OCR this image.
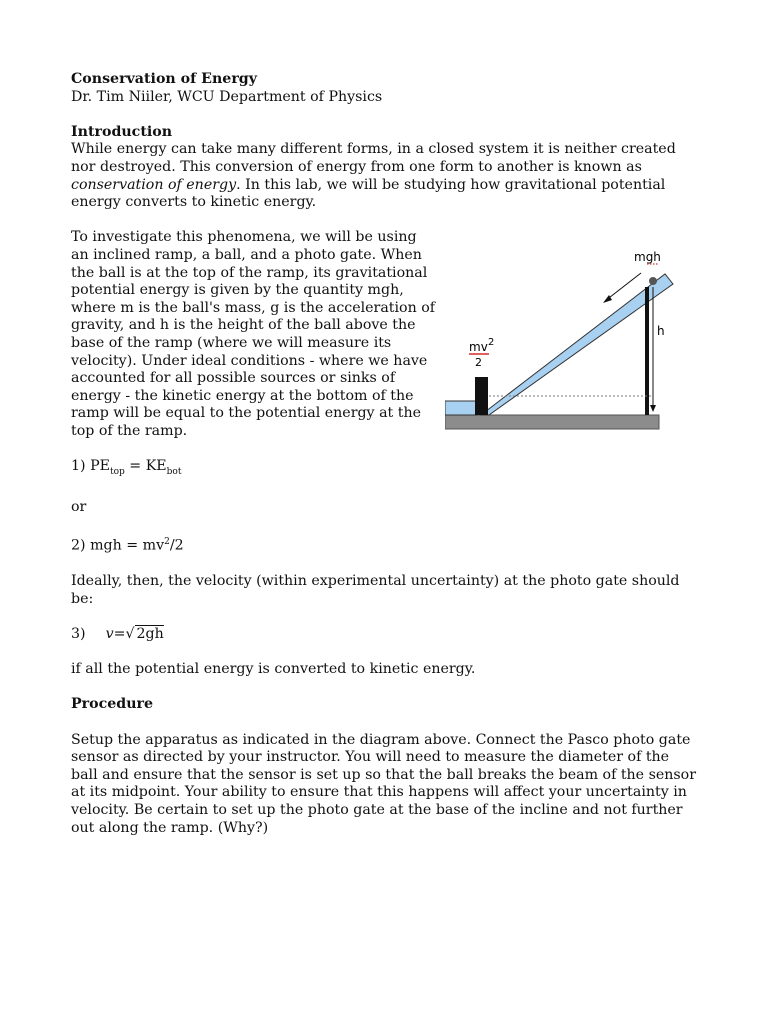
Conservation of Energy

Dr. Tim Niiler, WCU Department of Physics

Introduction

While energy can take many different forms, in a closed system it is neither created nor destroyed. This conversion of energy from one form to another is known as conservation of energy. In this lab, we will be studying how gravitational potential energy converts to kinetic energy.

To investigate this phenomena, we will be using an inclined ramp, a ball, and a photo gate. When the ball is at the top of the ramp, its gravitational potential energy is given by the quantity mgh, where m is the ball's mass, g is the acceleration of gravity, and h is the height of the ball above the base of the ramp (where we will measure its velocity). Under ideal conditions - where we have accounted for all possible sources or sinks of energy - the kinetic energy at the bottom of the ramp will be equal to the potential energy at the top of the ramp.

mgh
h
mv 2
2

1) $PE_{top} = KE_{bot}$

or

2) mgh = $mv^2/2$

Ideally, then, the velocity (within experimental uncertainty) at the photo gate should be:

3) v=√ 2gh

if all the potential energy is converted to kinetic energy.

Procedure

Setup the apparatus as indicated in the diagram above. Connect the Pasco photo gate sensor as directed by your instructor. You will need to measure the diameter of the ball and ensure that the sensor is set up so that the ball breaks the beam of the sensor at its midpoint. Your ability to ensure that this happens will affect your uncertainty in velocity. Be certain to set up the photo gate at the base of the incline and not further out along the ramp. (Why?)
